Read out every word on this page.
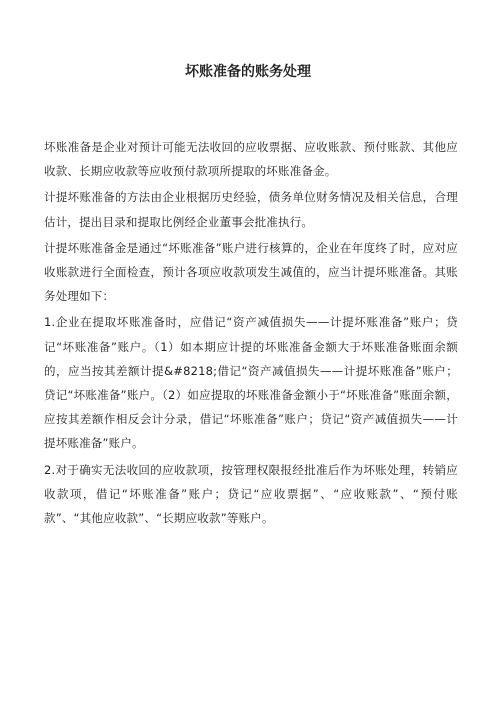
坏账准备的账务处理

坏账准备是企业对预计可能无法收回的应收票据、应收账款、预付账款、其他应收款、长期应收款等应收预付款项所提取的坏账准备金。

计提坏账准备的方法由企业根据历史经验，债务单位财务情况及相关信息，合理估计，提出目录和提取比例经企业董事会批准执行。

计提坏账准备金是通过“坏账准备”账户进行核算的，企业在年度终了时，应对应收账款进行全面检查，预计各项应收款项发生减值的，应当计提坏账准备。其账务处理如下：

1.企业在提取坏账准备时，应借记“资产减值损失——计提坏账准备”账户；贷记“坏账准备”账户。（1）如本期应计提的坏账准备金额大于坏账准备账面余额的，应当按其差额计提&#8218;借记“资产减值损失——计提坏账准备”账户；贷记“坏账准备”账户。（2）如应提取的坏账准备金额小于“坏账准备”账面余额，应按其差额作相反会计分录，借记“坏账准备”账户；贷记“资产减值损失——计提坏账准备”账户。

2.对于确实无法收回的应收款项，按管理权限报经批准后作为坏账处理，转销应收款项，借记“坏账准备”账户；贷记“应收票据”、“应收账款”、“预付账款”、“其他应收款”、“长期应收款”等账户。
